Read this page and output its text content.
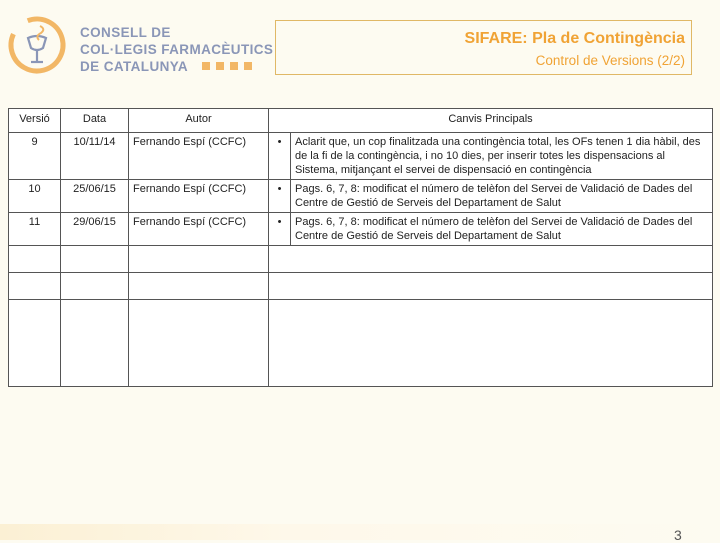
CONSELL DE
COL·LEGIS FARMACÈUTICS
DE CATALUNYA
SIFARE: Pla de Contingència
Control de Versions (2/2)
Versió	Data	Autor	Canvis Principals	
9	10/11/14	Fernando Espí (CCFC)	•	Aclarit que, un cop finalitzada una contingència total, les OFs tenen 1 dia hàbil, des de la fi de la contingència, i no 10 dies, per inserir totes les dispensacions al Sistema, mitjançant el servei de dispensació en contingència
10	25/06/15	Fernando Espí (CCFC)	•	Pags. 6, 7, 8: modificat el número de telèfon del Servei de Validació de Dades del Centre de Gestió de Serveis del Departament de Salut
11	29/06/15	Fernando Espí (CCFC)	•	Pags. 6, 7, 8: modificat el número de telèfon del Servei de Validació de Dades del Centre de Gestió de Serveis del Departament de Salut

3
